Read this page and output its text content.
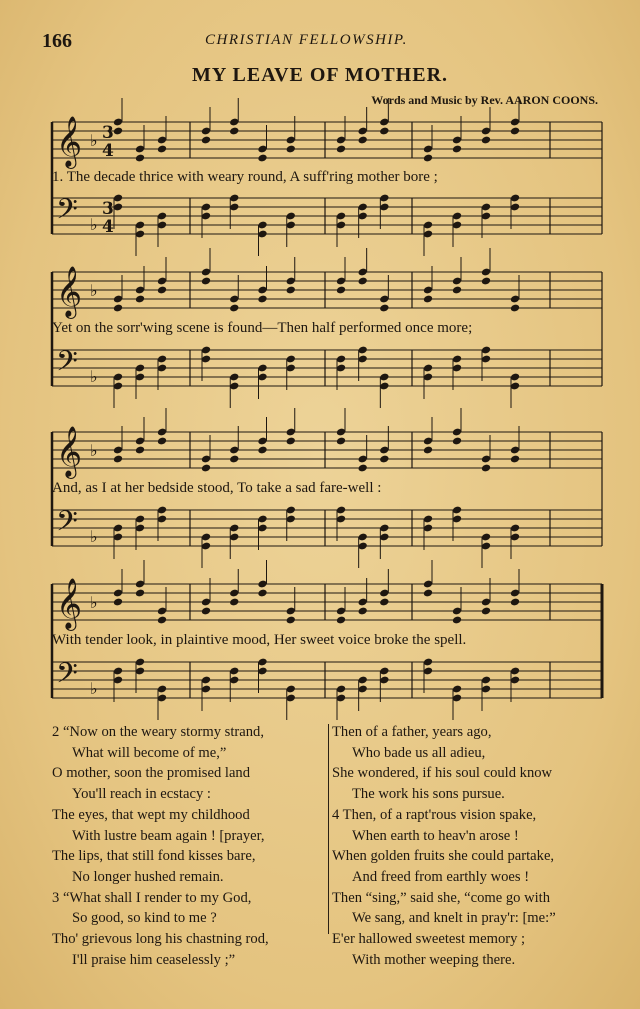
166	CHRISTIAN FELLOWSHIP.
MY LEAVE OF MOTHER.
Words and Music by Rev. AARON COONS.
𝄞 ♭ 3
4
𝄢 ♭
3
4
𝄞 ♭
𝄢 ♭
𝄞 ♭
𝄢 ♭
𝄞 ♭
𝄢 ♭
1. The decade thrice with weary round, A suff'ring mother bore ;
Yet on the sorr'wing scene is found—Then half performed once more;
And, as I at her bedside stood, To take a sad fare-well :
With tender look, in plaintive mood, Her sweet voice broke the spell.
2 “Now on the weary stormy strand,
What will become of me,”
O mother, soon the promised land
You'll reach in ecstacy :
The eyes, that wept my childhood
With lustre beam again ! [prayer,
The lips, that still fond kisses bare,
No longer hushed remain.
3 “What shall I render to my God,
So good, so kind to me ?
Tho' grievous long his chastning rod,
I'll praise him ceaselessly ;”
Then of a father, years ago,
Who bade us all adieu,
She wondered, if his soul could know
The work his sons pursue.
4 Then, of a rapt'rous vision spake,
When earth to heav'n arose !
When golden fruits she could partake,
And freed from earthly woes !
Then “sing,” said she, “come go with
We sang, and knelt in pray'r: [me:”
E'er hallowed sweetest memory ;
With mother weeping there.
